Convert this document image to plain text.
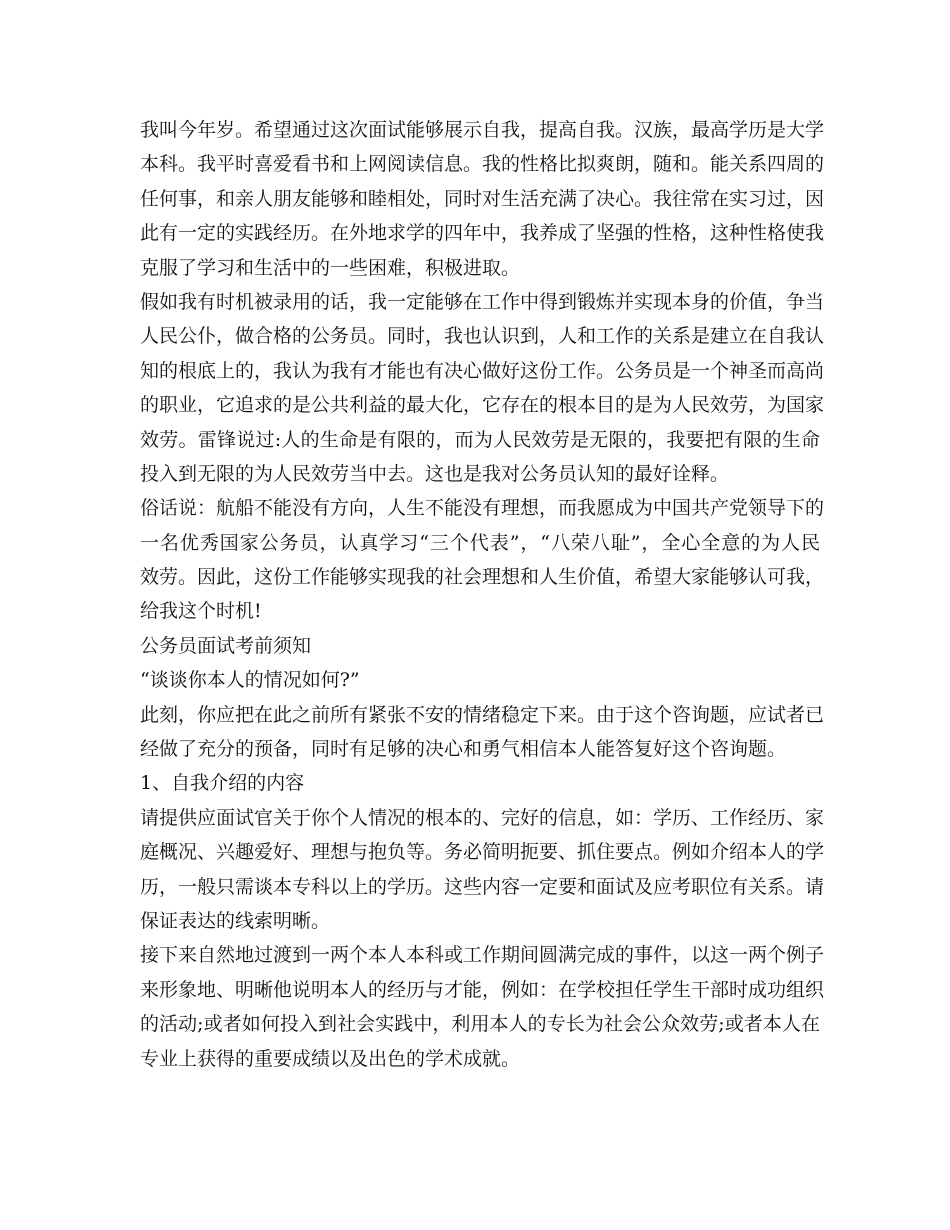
我叫今年岁。希望通过这次面试能够展示自我，提高自我。汉族，最高学历是大学
本科。我平时喜爱看书和上网阅读信息。我的性格比拟爽朗，随和。能关系四周的
任何事，和亲人朋友能够和睦相处，同时对生活充满了决心。我往常在实习过，因
此有一定的实践经历。在外地求学的四年中，我养成了坚强的性格，这种性格使我
克服了学习和生活中的一些困难，积极进取。
假如我有时机被录用的话，我一定能够在工作中得到锻炼并实现本身的价值，争当
人民公仆，做合格的公务员。同时，我也认识到，人和工作的关系是建立在自我认
知的根底上的，我认为我有才能也有决心做好这份工作。公务员是一个神圣而高尚
的职业，它追求的是公共利益的最大化，它存在的根本目的是为人民效劳，为国家
效劳。雷锋说过:人的生命是有限的，而为人民效劳是无限的，我要把有限的生命
投入到无限的为人民效劳当中去。这也是我对公务员认知的最好诠释。
俗话说：航船不能没有方向，人生不能没有理想，而我愿成为中国共产党领导下的
一名优秀国家公务员，认真学习“三个代表”，“八荣八耻”，全心全意的为人民
效劳。因此，这份工作能够实现我的社会理想和人生价值，希望大家能够认可我，
给我这个时机!
公务员面试考前须知
“谈谈你本人的情况如何?”
此刻，你应把在此之前所有紧张不安的情绪稳定下来。由于这个咨询题，应试者已
经做了充分的预备，同时有足够的决心和勇气相信本人能答复好这个咨询题。
1、自我介绍的内容
请提供应面试官关于你个人情况的根本的、完好的信息，如：学历、工作经历、家
庭概况、兴趣爱好、理想与抱负等。务必简明扼要、抓住要点。例如介绍本人的学
历，一般只需谈本专科以上的学历。这些内容一定要和面试及应考职位有关系。请
保证表达的线索明晰。
接下来自然地过渡到一两个本人本科或工作期间圆满完成的事件，以这一两个例子
来形象地、明晰他说明本人的经历与才能，例如：在学校担任学生干部时成功组织
的活动;或者如何投入到社会实践中，利用本人的专长为社会公众效劳;或者本人在
专业上获得的重要成绩以及出色的学术成就。
